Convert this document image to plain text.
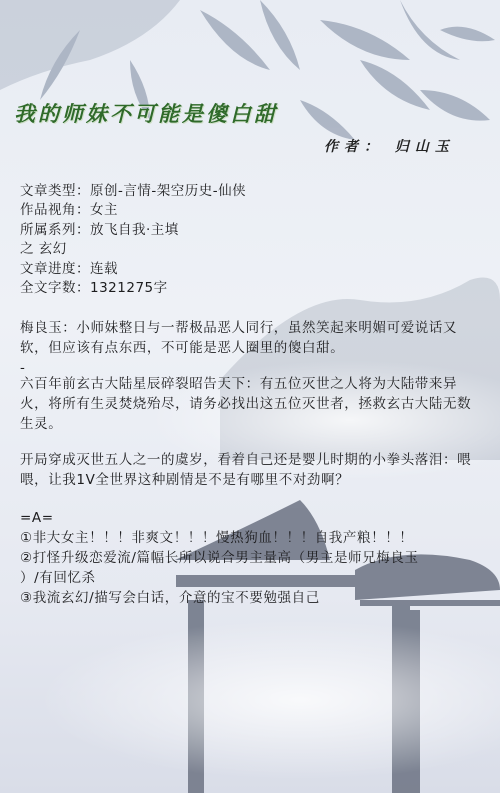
我的师妹不可能是傻白甜
作者： 归山玉
文章类型：原创-言情-架空历史-仙侠
作品视角：女主
所属系列：放飞自我·主填
之 玄幻
文章进度：连载
全文字数：1321275字
梅良玉：小师妹整日与一帮极品恶人同行，虽然笑起来明媚可爱说话又软，但应该有点东西，不可能是恶人圈里的傻白甜。
-
六百年前玄古大陆星辰碎裂昭告天下：有五位灭世之人将为大陆带来异火，将所有生灵焚烧殆尽，请务必找出这五位灭世者，拯救玄古大陆无数生灵。
开局穿成灭世五人之一的虞岁，看着自己还是婴儿时期的小拳头落泪：喂喂，让我1V全世界这种剧情是不是有哪里不对劲啊？
=A=
①非大女主！！！非爽文！！！慢热狗血！！！自我产粮！！！
②打怪升级恋爱流/篇幅长所以说合男主量高（男主是师兄梅良玉
）/有回忆杀
③我流玄幻/描写会白话，介意的宝不要勉强自己
